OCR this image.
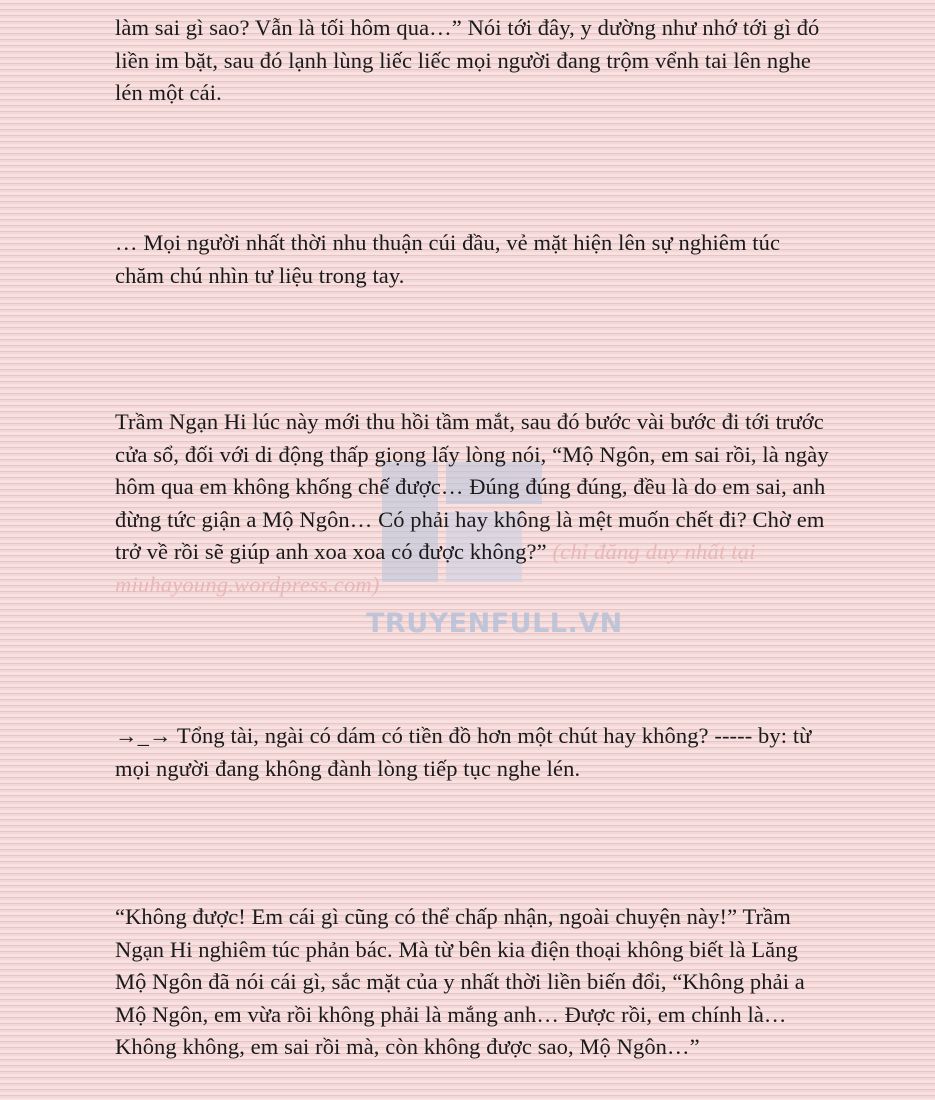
TRUYENFULL.VN

làm sai gì sao? Vẫn là tối hôm qua…” Nói tới đây, y dường như nhớ tới gì đó liền im bặt, sau đó lạnh lùng liếc liếc mọi người đang trộm vểnh tai lên nghe lén một cái.

… Mọi người nhất thời nhu thuận cúi đầu, vẻ mặt hiện lên sự nghiêm túc chăm chú nhìn tư liệu trong tay.

Trầm Ngạn Hi lúc này mới thu hồi tầm mắt, sau đó bước vài bước đi tới trước cửa sổ, đối với di động thấp giọng lấy lòng nói, “Mộ Ngôn, em sai rồi, là ngày hôm qua em không khống chế được… Đúng đúng đúng, đều là do em sai, anh đừng tức giận a Mộ Ngôn… Có phải hay không là mệt muốn chết đi? Chờ em trở về rồi sẽ giúp anh xoa xoa có được không?” (chỉ đăng duy nhất tại miuhayoung.wordpress.com)

→_→ Tổng tài, ngài có dám có tiền đồ hơn một chút hay không? ----- by: từ mọi người đang không đành lòng tiếp tục nghe lén.

“Không được! Em cái gì cũng có thể chấp nhận, ngoài chuyện này!” Trầm Ngạn Hi nghiêm túc phản bác. Mà từ bên kia điện thoại không biết là Lăng Mộ Ngôn đã nói cái gì, sắc mặt của y nhất thời liền biến đổi, “Không phải a Mộ Ngôn, em vừa rồi không phải là mắng anh… Được rồi, em chính là… Không không, em sai rồi mà, còn không được sao, Mộ Ngôn…”
